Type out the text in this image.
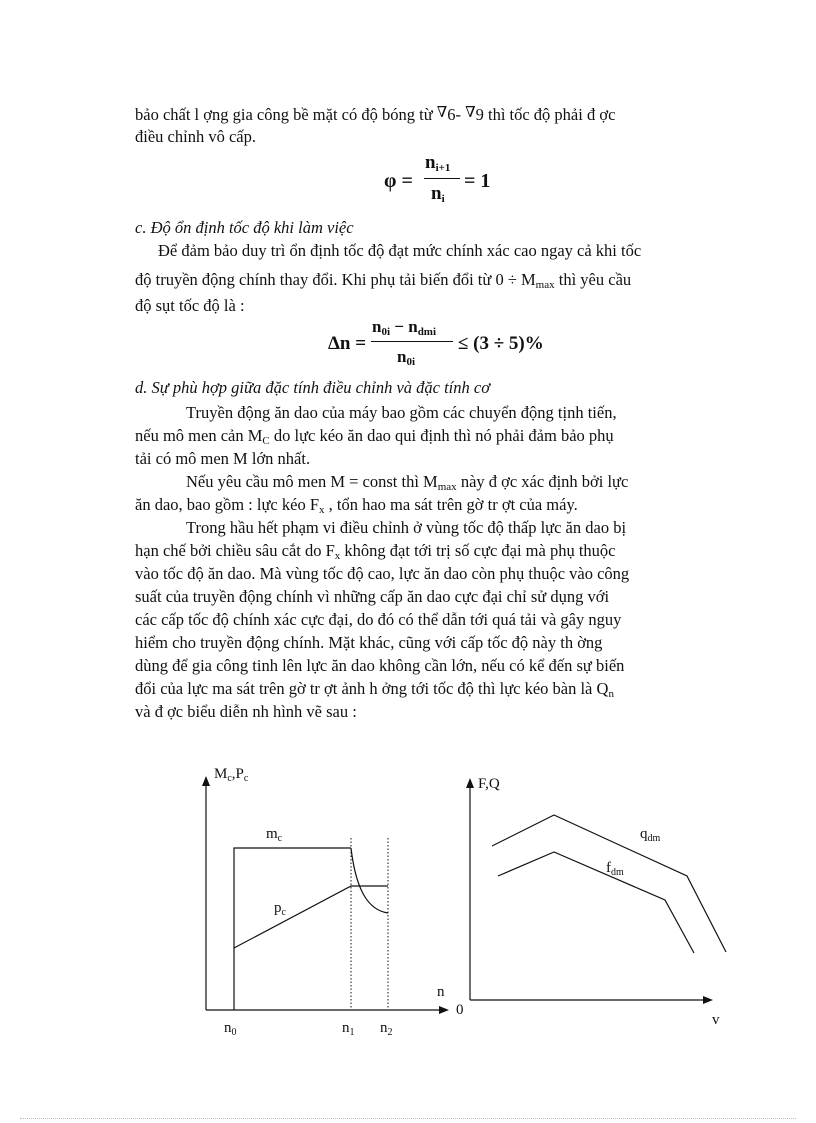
bảo chất l ợng gia công bề mặt có độ bóng từ ∇6- ∇9 thì tốc độ phải đ ợc
điều chỉnh vô cấp.
φ =
$n_{i+1}$
$n_i$
= 1
c. Độ ổn định tốc độ khi làm việc
Để đảm bảo duy trì ổn định tốc độ đạt mức chính xác cao ngay cả khi tốc
độ truyền động chính thay đổi. Khi phụ tải biến đổi từ $0 \div M_{max}$ thì yêu cầu
độ sụt tốc độ là :
Δn =
$n_{0i} - n_{dmi}$
$n_{0i}$
≤ (3 ÷ 5)%
d. Sự phù hợp giữa đặc tính điều chỉnh và đặc tính cơ
Truyền động ăn dao của máy bao gồm các chuyển động tịnh tiến,
nếu mô men cản $M_C$ do lực kéo ăn dao qui định thì nó phải đảm bảo phụ
tải có mô men M lớn nhất.
Nếu yêu cầu mô men M = const thì $M_{max}$ này đ ợc xác định bởi lực
ăn dao, bao gồm : lực kéo $F_x$ , tổn hao ma sát trên gờ tr ợt của máy.
Trong hầu hết phạm vi điều chỉnh ở vùng tốc độ thấp lực ăn dao bị
hạn chế bởi chiều sâu cắt do $F_x$ không đạt tới trị số cực đại mà phụ thuộc
vào tốc độ ăn dao. Mà vùng tốc độ cao, lực ăn dao còn phụ thuộc vào công
suất của truyền động chính vì những cấp ăn dao cực đại chỉ sử dụng với
các cấp tốc độ chính xác cực đại, do đó có thể dẫn tới quá tải và gây nguy
hiểm cho truyền động chính. Mặt khác, cũng với cấp tốc độ này th ờng
dùng để gia công tinh lên lực ăn dao không cần lớn, nếu có kể đến sự biến
đổi của lực ma sát trên gờ tr ợt ảnh h ởng tới tốc độ thì lực kéo bàn là $Q_n$
và đ ợc biểu diễn nh hình vẽ sau :
$M_c,P_c$
n
$m_c$
$p_c$
$n_0$	$n_1$ $n_2$
F,Q
v
0
$q_{dm}$
$f_{dm}$
